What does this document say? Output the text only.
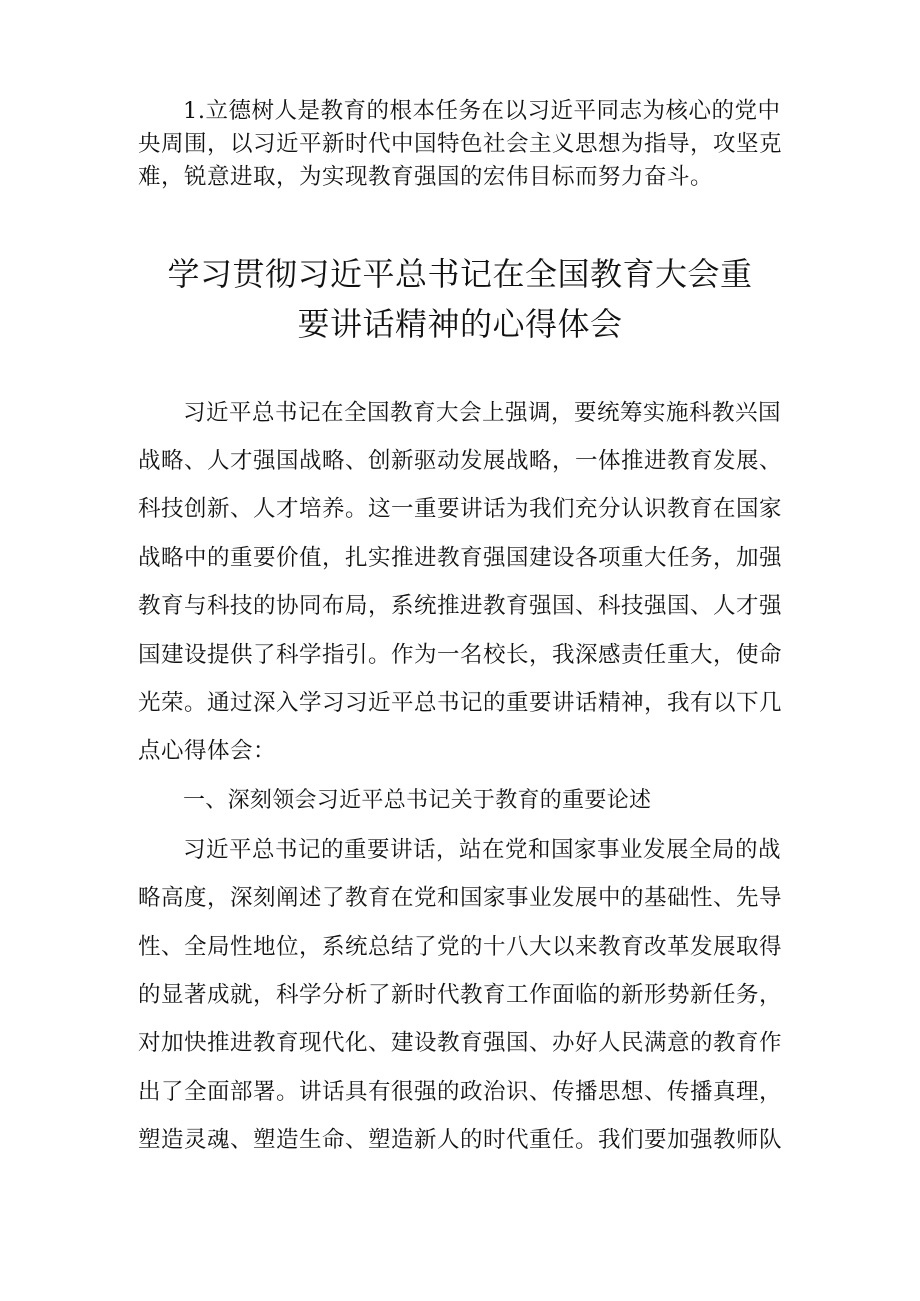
1.立德树人是教育的根本任务在以习近平同志为核心的党中
央周围，以习近平新时代中国特色社会主义思想为指导，攻坚克
难，锐意进取，为实现教育强国的宏伟目标而努力奋斗。
学习贯彻习近平总书记在全国教育大会重
要讲话精神的心得体会
习近平总书记在全国教育大会上强调，要统筹实施科教兴国
战略、人才强国战略、创新驱动发展战略，一体推进教育发展、
科技创新、人才培养。这一重要讲话为我们充分认识教育在国家
战略中的重要价值，扎实推进教育强国建设各项重大任务，加强
教育与科技的协同布局，系统推进教育强国、科技强国、人才强
国建设提供了科学指引。作为一名校长，我深感责任重大，使命
光荣。通过深入学习习近平总书记的重要讲话精神，我有以下几
点心得体会：
一、深刻领会习近平总书记关于教育的重要论述
习近平总书记的重要讲话，站在党和国家事业发展全局的战
略高度，深刻阐述了教育在党和国家事业发展中的基础性、先导
性、全局性地位，系统总结了党的十八大以来教育改革发展取得
的显著成就，科学分析了新时代教育工作面临的新形势新任务，
对加快推进教育现代化、建设教育强国、办好人民满意的教育作
出了全面部署。讲话具有很强的政治识、传播思想、传播真理，
塑造灵魂、塑造生命、塑造新人的时代重任。我们要加强教师队
